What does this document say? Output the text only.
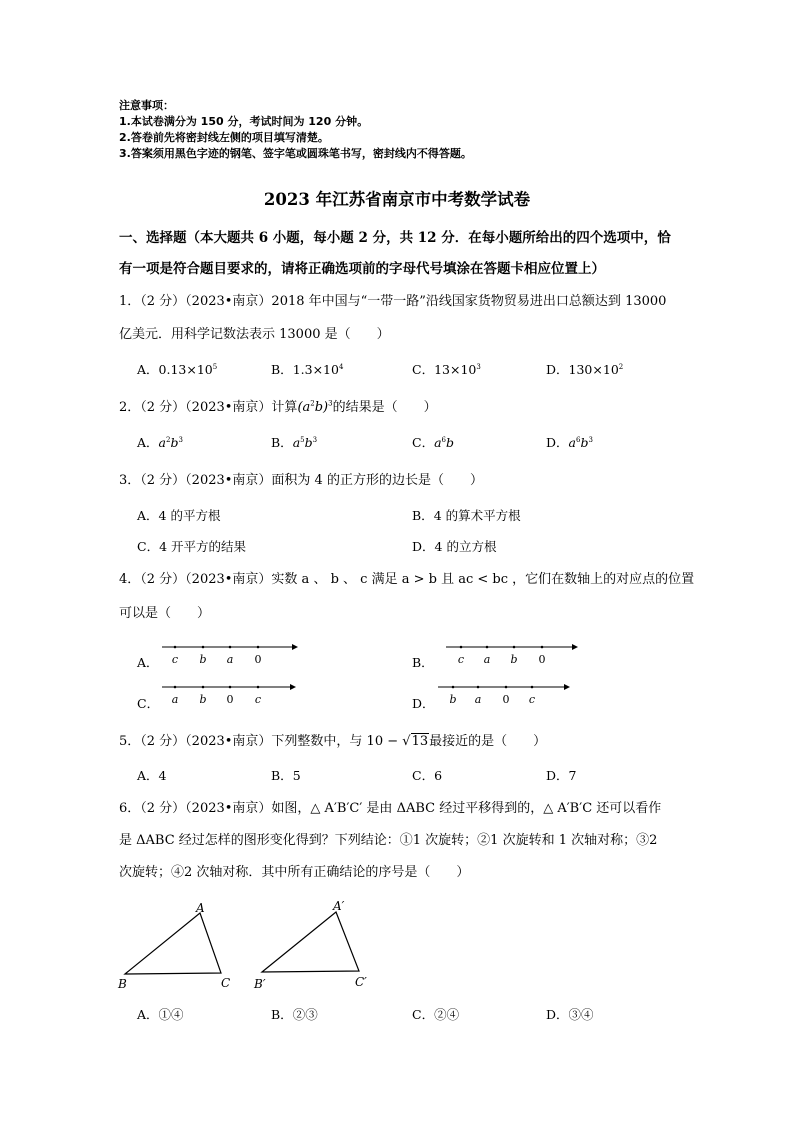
注意事项：
1.本试卷满分为 150 分，考试时间为 120 分钟。
2.答卷前先将密封线左侧的项目填写清楚。
3.答案须用黑色字迹的钢笔、签字笔或圆珠笔书写，密封线内不得答题。
2023 年江苏省南京市中考数学试卷
一、选择题（本大题共 6 小题，每小题 2 分，共 12 分．在每小题所给出的四个选项中，恰
有一项是符合题目要求的，请将正确选项前的字母代号填涂在答题卡相应位置上）
1．（2 分）（2023•南京）2018 年中国与“一带一路”沿线国家货物贸易进出口总额达到 13000
亿美元．用科学记数法表示 13000 是（　　）
A．$0.13\times 10^5$	B．$1.3\times 10^4$	C．$13\times 10^3$	D．$130\times 10^2$
2．（2 分）（2023•南京）计算$(a^2b)^3$的结果是（　　）
A．$a^2b^3$	B．$a^5b^3$	C．$a^6b$	D．$a^6b^3$
3．（2 分）（2023•南京）面积为 4 的正方形的边长是（　　）
A．4 的平方根	B．4 的算术平方根
C．4 开平方的结果	D．4 的立方根
4．（2 分）（2023•南京）实数 a 、 b 、 c 满足 a > b 且 ac < bc ，它们在数轴上的对应点的位置
可以是（　　）
A． c b a 0	B． c a b 0
C． a b 0 c	D． b a 0 c
5．（2 分）（2023•南京）下列整数中，与 10 − √13最接近的是（　　）
A．4	B．5	C．6	D．7
6．（2 分）（2023•南京）如图，△ A′B′C′ 是由 ΔABC 经过平移得到的，△ A′B′C 还可以看作
是 ΔABC 经过怎样的图形变化得到？下列结论：①1 次旋转；②1 次旋转和 1 次轴对称；③2
次旋转；④2 次轴对称．其中所有正确结论的序号是（　　）
A
B	C
A′
B′	C′
A．①④	B．②③	C．②④	D．③④
